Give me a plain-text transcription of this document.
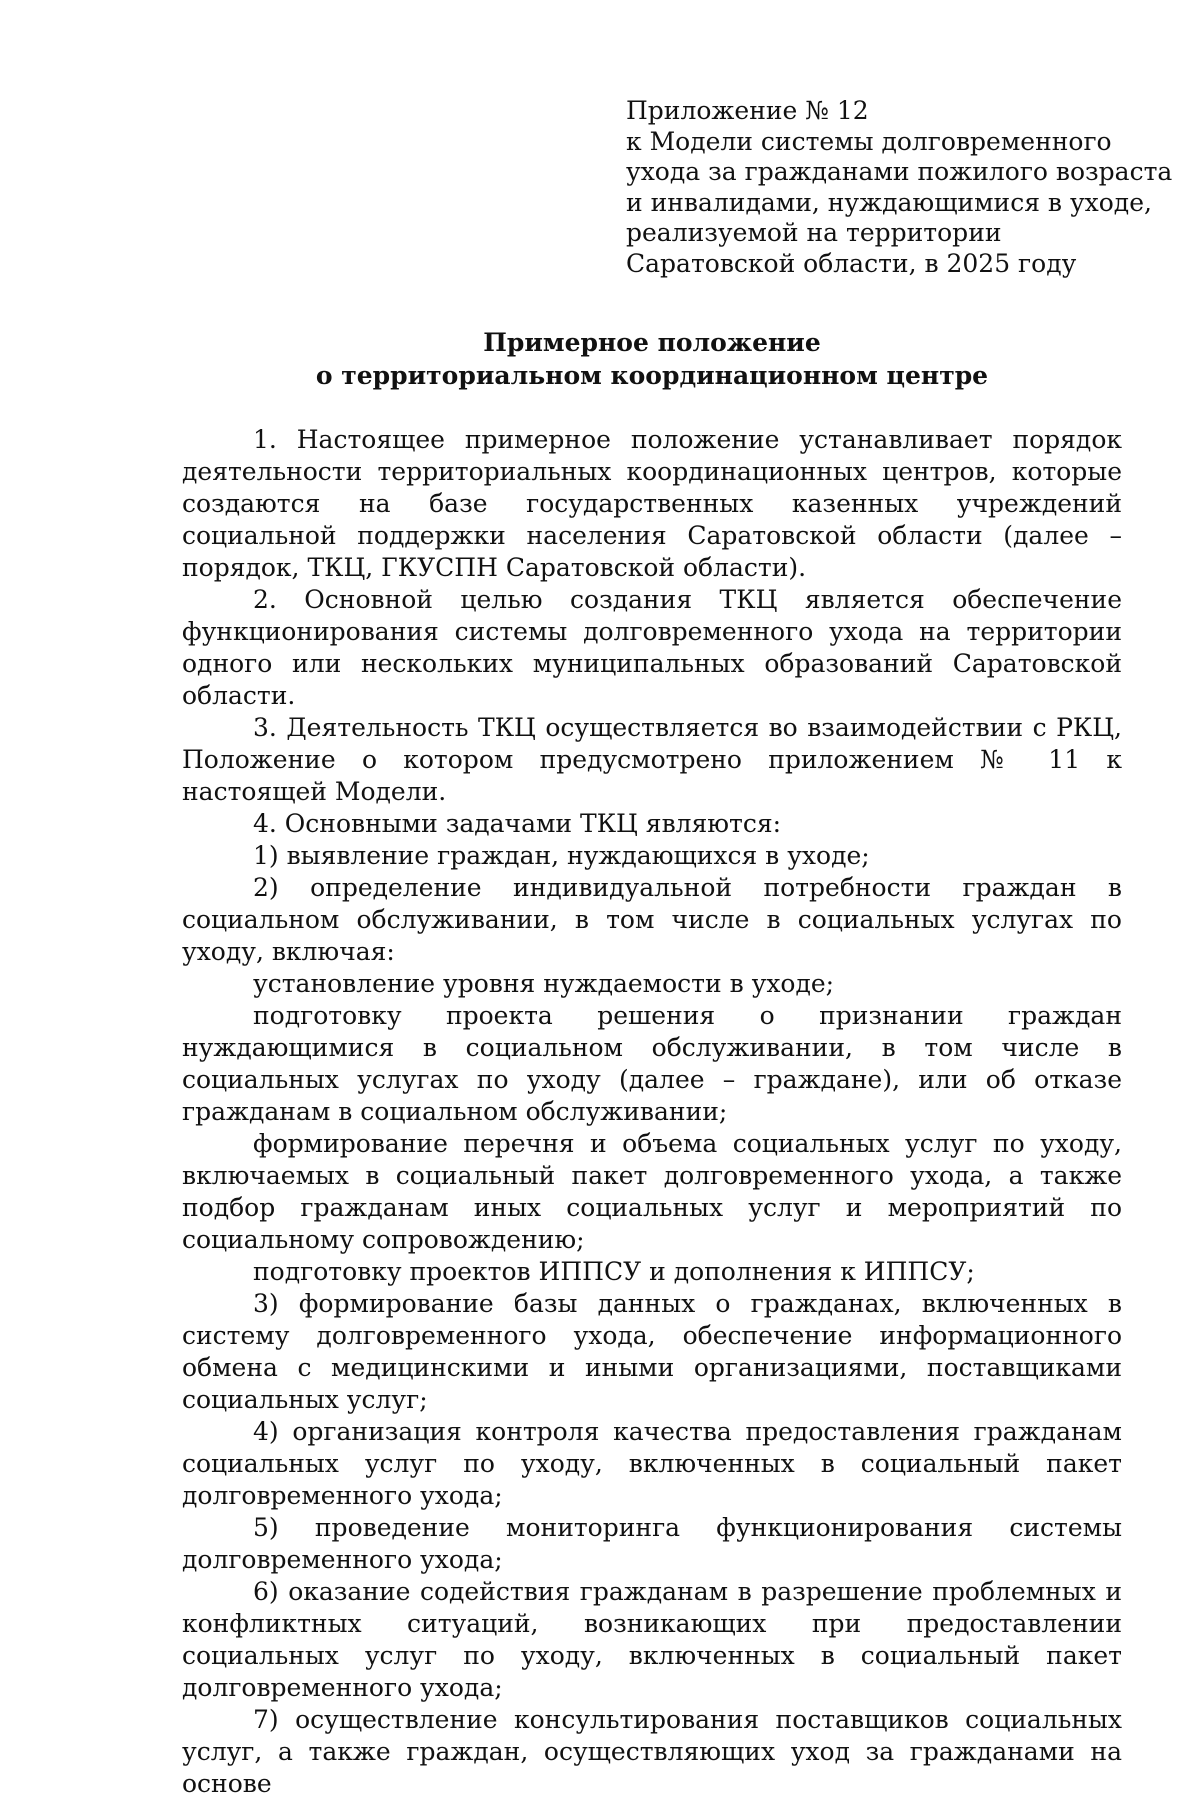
Приложение № 12
к Модели системы долговременного
ухода за гражданами пожилого возраста
и инвалидами, нуждающимися в уходе,
реализуемой на территории
Саратовской области, в 2025 году
Примерное положение
о территориальном координационном центре

1. Настоящее примерное положение устанавливает порядок деятельности территориальных координационных центров, которые создаются на базе государственных казенных учреждений социальной поддержки населения Саратовской области (далее – порядок, ТКЦ, ГКУСПН Саратовской области).

2. Основной целью создания ТКЦ является обеспечение функционирования системы долговременного ухода на территории одного или нескольких муниципальных образований Саратовской области.

3. Деятельность ТКЦ осуществляется во взаимодействии с РКЦ, Положение о котором предусмотрено приложением № 11 к настоящей Модели.

4. Основными задачами ТКЦ являются:

1) выявление граждан, нуждающихся в уходе;

2) определение индивидуальной потребности граждан в социальном обслуживании, в том числе в социальных услугах по уходу, включая:

установление уровня нуждаемости в уходе;

подготовку проекта решения о признании граждан нуждающимися в социальном обслуживании, в том числе в социальных услугах по уходу (далее – граждане), или об отказе гражданам в социальном обслуживании;

формирование перечня и объема социальных услуг по уходу, включаемых в социальный пакет долговременного ухода, а также подбор гражданам иных социальных услуг и мероприятий по социальному сопровождению;

подготовку проектов ИППСУ и дополнения к ИППСУ;

3) формирование базы данных о гражданах, включенных в систему долговременного ухода, обеспечение информационного обмена с медицинскими и иными организациями, поставщиками социальных услуг;

4) организация контроля качества предоставления гражданам социальных услуг по уходу, включенных в социальный пакет долговременного ухода;

5) проведение мониторинга функционирования системы долговременного ухода;

6) оказание содействия гражданам в разрешение проблемных и конфликтных ситуаций, возникающих при предоставлении социальных услуг по уходу, включенных в социальный пакет долговременного ухода;

7) осуществление консультирования поставщиков социальных услуг, а также граждан, осуществляющих уход за гражданами на основе
